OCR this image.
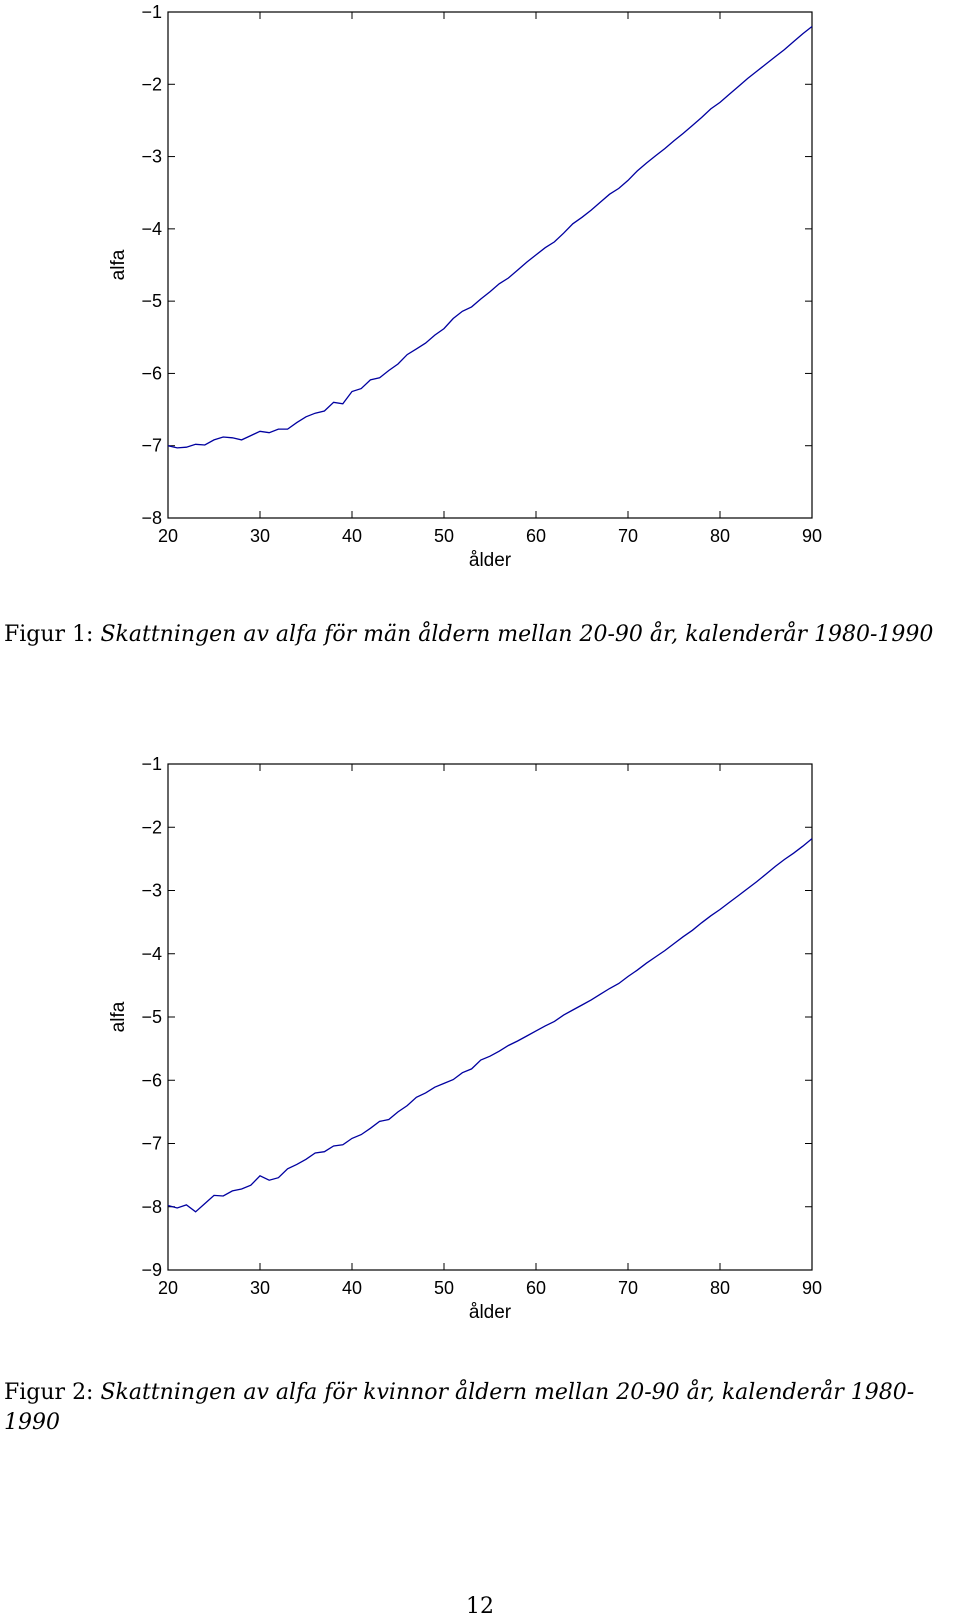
20	30	40	50	60	70	80	90
−1
−2
−3
−4
−5
−6
−7
−8
ålder
alfa
Figur 1: Skattningen av alfa för män åldern mellan 20-90 år, kalenderår 1980-1990
20	30	40	50	60	70	80	90
−1
−2
−3
−4
−5
−6
−7
−8
−9
ålder
alfa
Figur 2: Skattningen av alfa för kvinnor åldern mellan 20-90 år, kalenderår 1980-1990
12
